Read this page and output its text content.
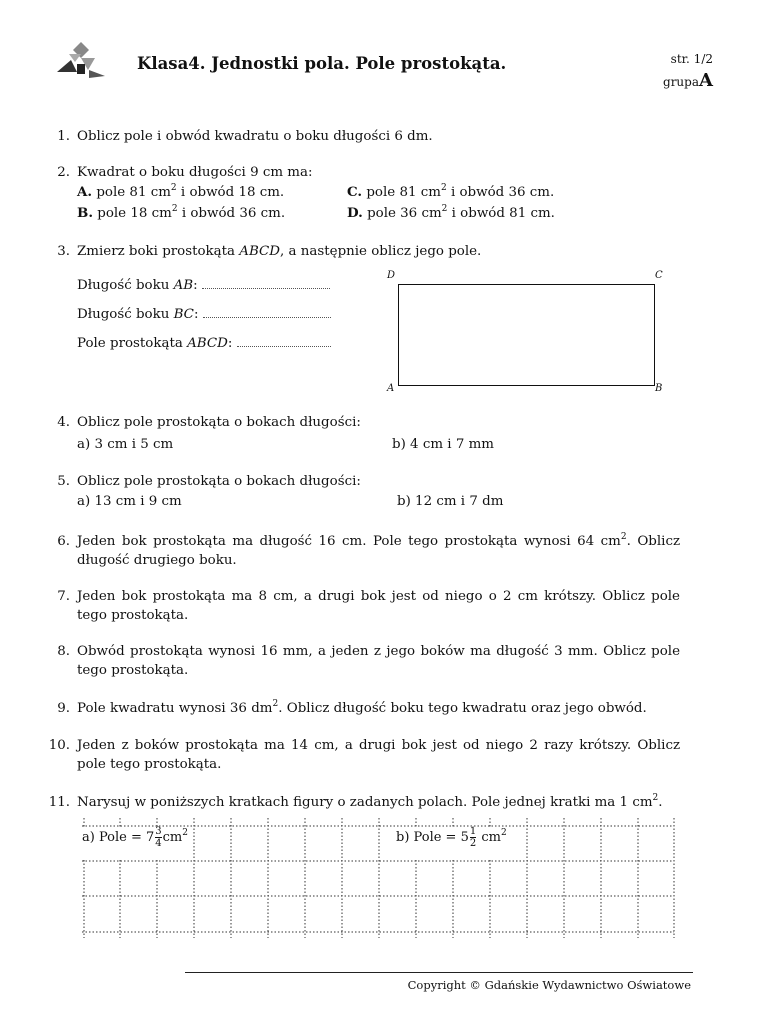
Klasa4. Jednostki pola. Pole prostokąta.	str. 1/2
grupa A
1. Oblicz pole i obwód kwadratu o boku długości 6 dm.
2. Kwadrat o boku długości 9 cm ma:
A. pole 81 $cm^2$ i obwód 18 cm.
B. pole 18 $cm^2$ i obwód 36 cm.
C. pole 81 $cm^2$ i obwód 36 cm.
D. pole 36 $cm^2$ i obwód 81 cm.
3. Zmierz boki prostokąta ABCD, a następnie oblicz jego pole.
Długość boku AB:
Długość boku BC:
Pole prostokąta ABCD:
D	C
A	B
4. Oblicz pole prostokąta o bokach długości:
a) 3 cm i 5 cm	b) 4 cm i 7 mm
5. Oblicz pole prostokąta o bokach długości:
a) 13 cm i 9 cm	b) 12 cm i 7 dm
6. Jeden bok prostokąta ma długość 16 cm. Pole tego prostokąta wynosi 64 $cm^2$. Oblicz długość drugiego boku.
7. Jeden bok prostokąta ma 8 cm, a drugi bok jest od niego o 2 cm krótszy. Oblicz pole tego prostokąta.
8. Obwód prostokąta wynosi 16 mm, a jeden z jego boków ma długość 3 mm. Oblicz pole tego prostokąta.
9. Pole kwadratu wynosi 36 $dm^2$. Oblicz długość boku tego kwadratu oraz jego obwód.
10. Jeden z boków prostokąta ma 14 cm, a drugi bok jest od niego 2 razy krótszy. Oblicz pole tego prostokąta.
11. Narysuj w poniższych kratkach figury o zadanych polach. Pole jednej kratki ma 1 $cm^2$.
a) Pole = $7 \frac{3}{4} cm^2$	b) Pole = $5 \frac{1}{2} cm^2$
Copyright © Gdańskie Wydawnictwo Oświatowe
